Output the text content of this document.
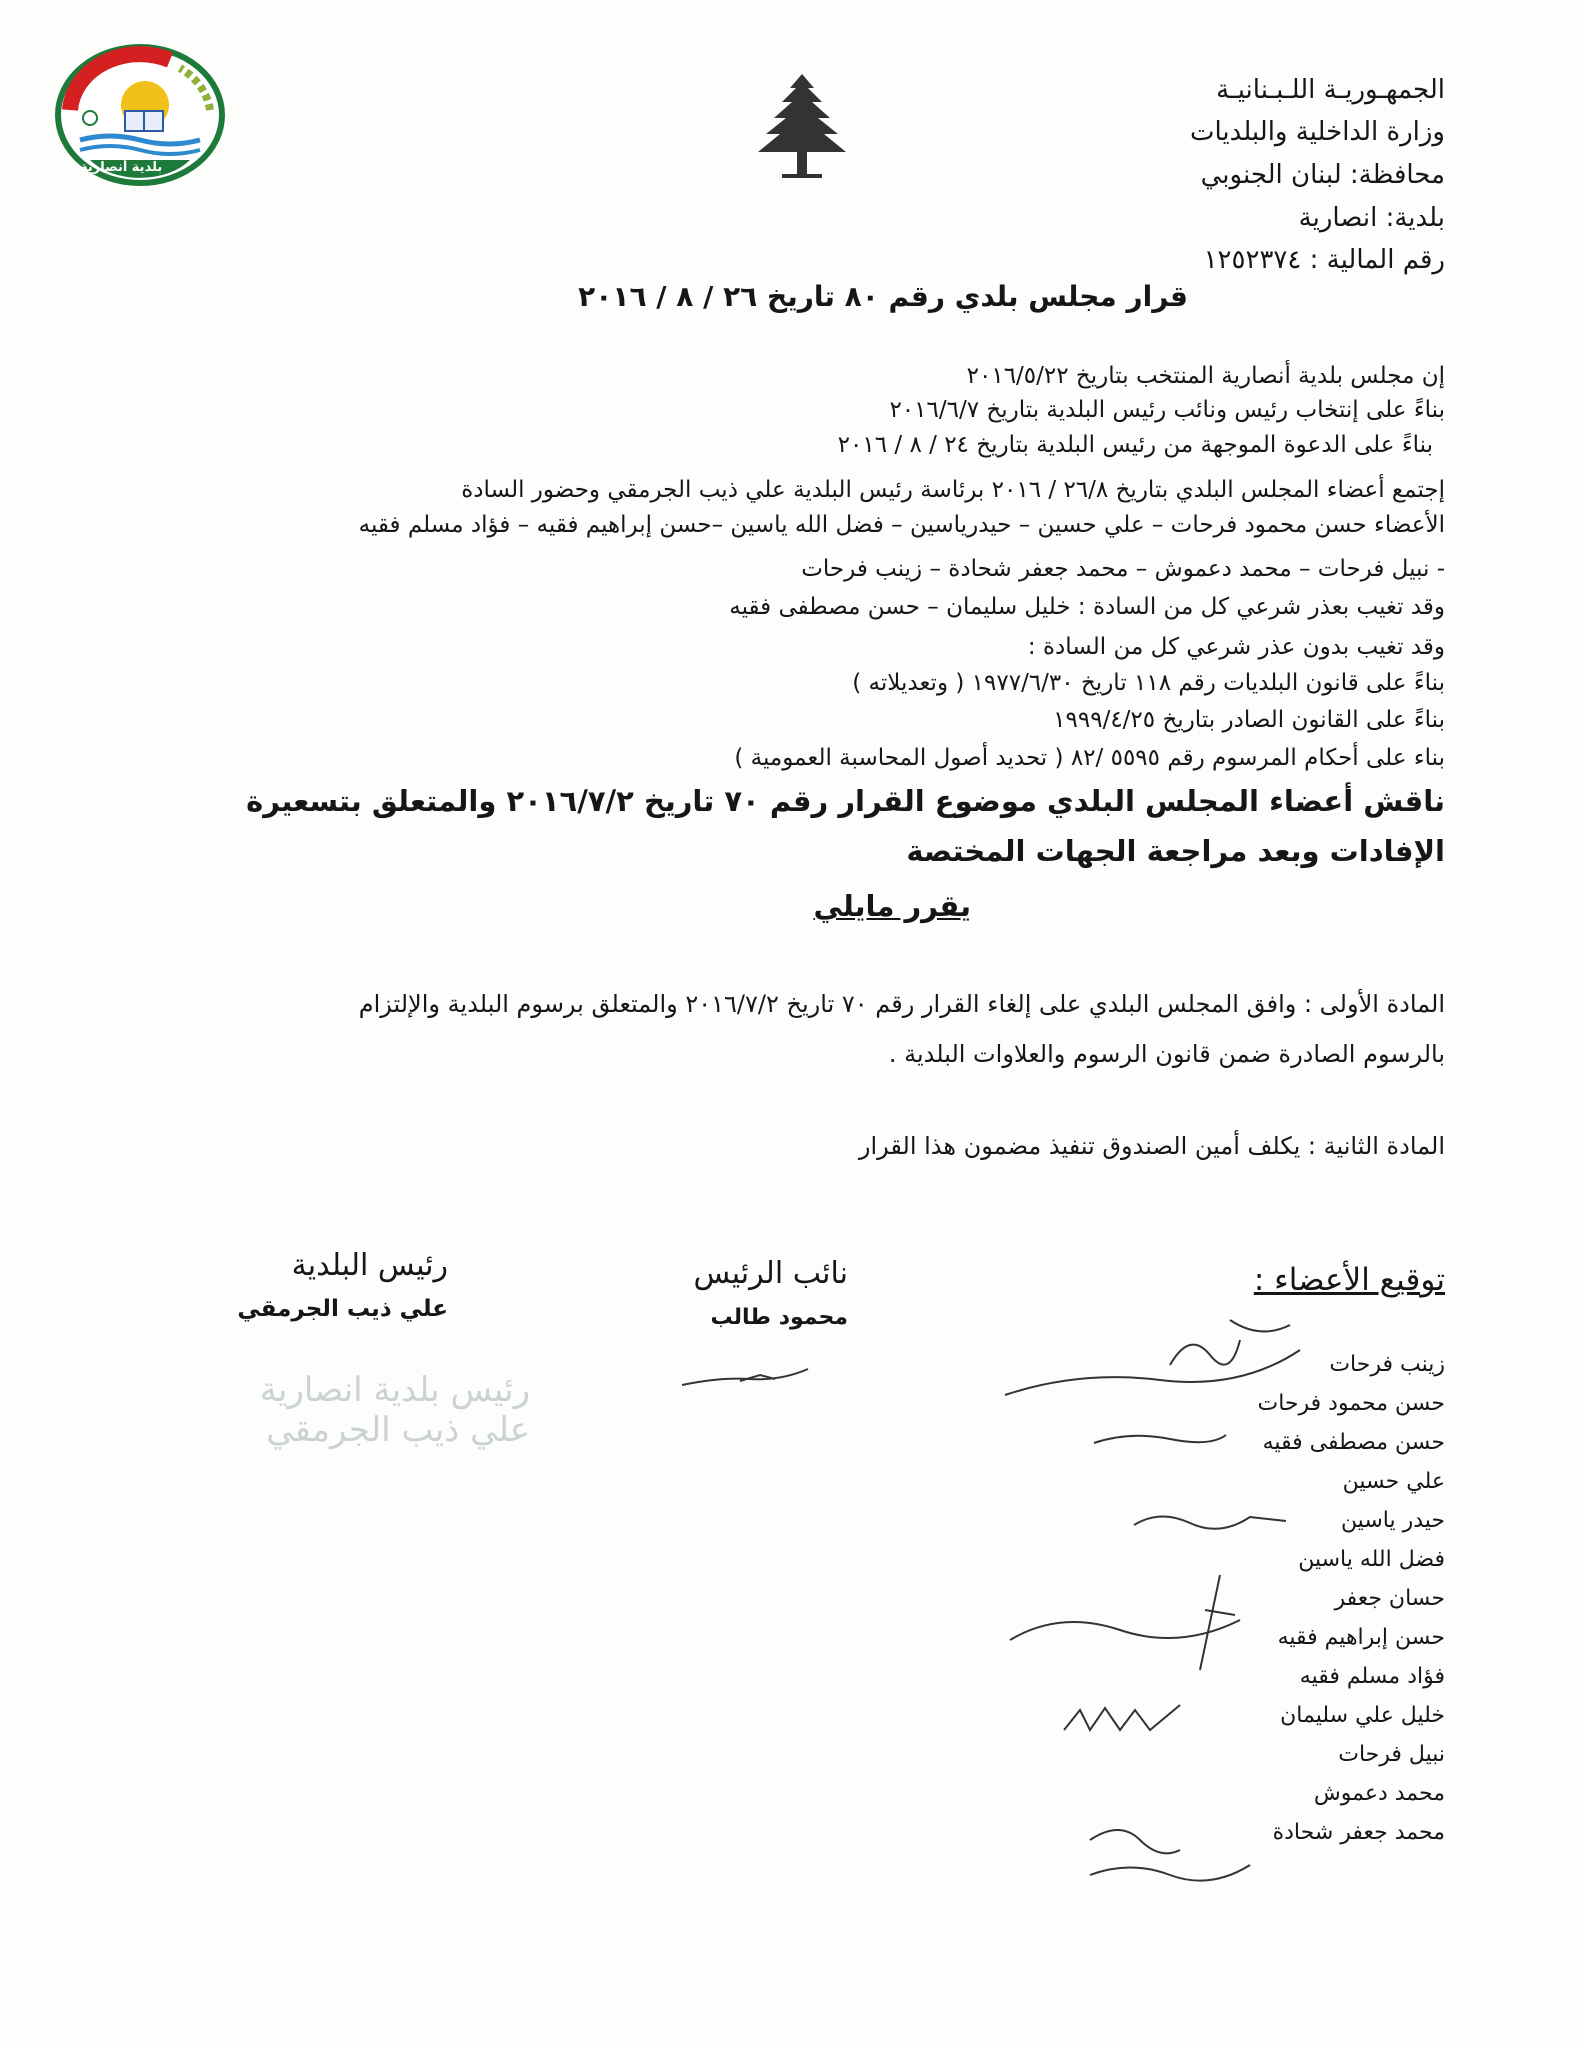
بلدية أنصارية
الجمهـوريـة اللـبـنانيـة
وزارة الداخلية والبلديات
محافظة: لبنان الجنوبي
بلدية: انصارية
رقم المالية : ١٢٥٢٣٧٤
قرار مجلس بلدي رقم ٨٠ تاريخ ٢٦ / ٨ / ٢٠١٦
إن مجلس بلدية أنصارية المنتخب بتاريخ ٢٠١٦/٥/٢٢
بناءً على إنتخاب رئيس ونائب رئيس البلدية بتاريخ ٢٠١٦/٦/٧
بناءً على الدعوة الموجهة من رئيس البلدية بتاريخ ٢٤ / ٨ / ٢٠١٦
إجتمع أعضاء المجلس البلدي بتاريخ ٢٦/٨ / ٢٠١٦ برئاسة رئيس البلدية علي ذيب الجرمقي وحضور السادة
الأعضاء حسن محمود فرحات – علي حسين – حيدرياسين – فضل الله ياسين –حسن إبراهيم فقيه – فؤاد مسلم فقيه
- نبيل فرحات – محمد دعموش – محمد جعفر شحادة – زينب فرحات
وقد تغيب بعذر شرعي كل من السادة : خليل سليمان – حسن مصطفى فقيه
وقد تغيب بدون عذر شرعي كل من السادة :
بناءً على قانون البلديات رقم ١١٨ تاريخ ١٩٧٧/٦/٣٠ ( وتعديلاته )
بناءً على القانون الصادر بتاريخ ١٩٩٩/٤/٢٥
بناء على أحكام المرسوم رقم ٥٥٩٥ /٨٢ ( تحديد أصول المحاسبة العمومية )
ناقش أعضاء المجلس البلدي موضوع القرار رقم ٧٠ تاريخ ٢٠١٦/٧/٢ والمتعلق بتسعيرة
الإفادات وبعد مراجعة الجهات المختصة
يقرر مايلي
المادة الأولى : وافق المجلس البلدي على إلغاء القرار رقم ٧٠ تاريخ ٢٠١٦/٧/٢ والمتعلق برسوم البلدية والإلتزام
بالرسوم الصادرة ضمن قانون الرسوم والعلاوات البلدية .
المادة الثانية : يكلف أمين الصندوق تنفيذ مضمون هذا القرار
رئيس البلدية
علي ذيب الجرمقي
نائب الرئيس
محمود طالب
توقيع الأعضاء :
زينب فرحات
حسن محمود فرحات
حسن مصطفى فقيه
علي حسين
حيدر ياسين
فضل الله ياسين
حسان جعفر
حسن إبراهيم فقيه
فؤاد مسلم فقيه
خليل علي سليمان
نبيل فرحات
محمد دعموش
محمد جعفر شحادة
رئيس بلدية انصارية
علي ذيب الجرمقي
